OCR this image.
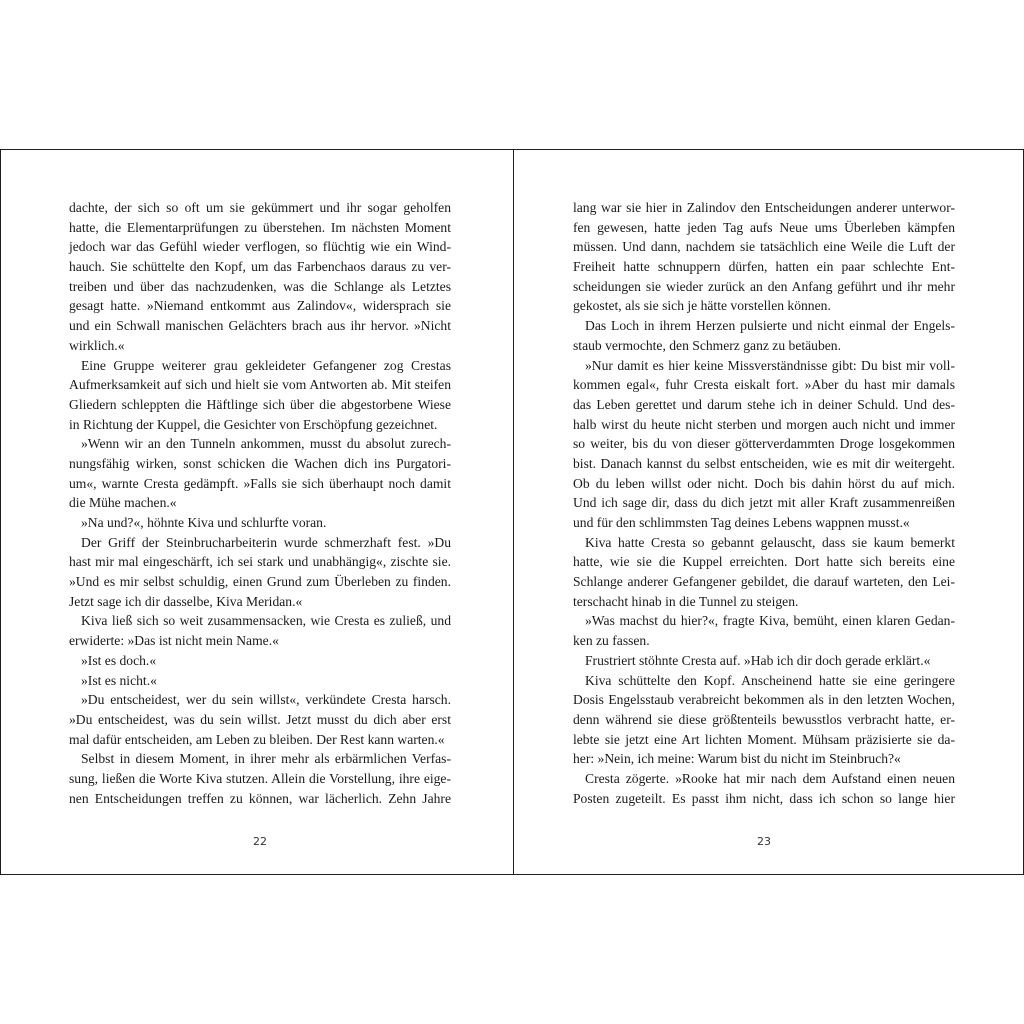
dachte, der sich so oft um sie gekümmert und ihr sogar geholfen
hatte, die Elementarprüfungen zu überstehen. Im nächsten Moment
jedoch war das Gefühl wieder verflogen, so flüchtig wie ein Wind-
hauch. Sie schüttelte den Kopf, um das Farbenchaos daraus zu ver-
treiben und über das nachzudenken, was die Schlange als Letztes
gesagt hatte. »Niemand entkommt aus Zalindov«, widersprach sie
und ein Schwall manischen Gelächters brach aus ihr hervor. »Nicht
wirklich.«
Eine Gruppe weiterer grau gekleideter Gefangener zog Crestas
Aufmerksamkeit auf sich und hielt sie vom Antworten ab. Mit steifen
Gliedern schleppten die Häftlinge sich über die abgestorbene Wiese
in Richtung der Kuppel, die Gesichter von Erschöpfung gezeichnet.
»Wenn wir an den Tunneln ankommen, musst du absolut zurech-
nungsfähig wirken, sonst schicken die Wachen dich ins Purgatori-
um«, warnte Cresta gedämpft. »Falls sie sich überhaupt noch damit
die Mühe machen.«
»Na und?«, höhnte Kiva und schlurfte voran.
Der Griff der Steinbrucharbeiterin wurde schmerzhaft fest. »Du
hast mir mal eingeschärft, ich sei stark und unabhängig«, zischte sie.
»Und es mir selbst schuldig, einen Grund zum Überleben zu finden.
Jetzt sage ich dir dasselbe, Kiva Meridan.«
Kiva ließ sich so weit zusammensacken, wie Cresta es zuließ, und
erwiderte: »Das ist nicht mein Name.«
»Ist es doch.«
»Ist es nicht.«
»Du entscheidest, wer du sein willst«, verkündete Cresta harsch.
»Du entscheidest, was du sein willst. Jetzt musst du dich aber erst
mal dafür entscheiden, am Leben zu bleiben. Der Rest kann warten.«
Selbst in diesem Moment, in ihrer mehr als erbärmlichen Verfas-
sung, ließen die Worte Kiva stutzen. Allein die Vorstellung, ihre eige-
nen Entscheidungen treffen zu können, war lächerlich. Zehn Jahre
lang war sie hier in Zalindov den Entscheidungen anderer unterwor-
fen gewesen, hatte jeden Tag aufs Neue ums Überleben kämpfen
müssen. Und dann, nachdem sie tatsächlich eine Weile die Luft der
Freiheit hatte schnuppern dürfen, hatten ein paar schlechte Ent-
scheidungen sie wieder zurück an den Anfang geführt und ihr mehr
gekostet, als sie sich je hätte vorstellen können.
Das Loch in ihrem Herzen pulsierte und nicht einmal der Engels-
staub vermochte, den Schmerz ganz zu betäuben.
»Nur damit es hier keine Missverständnisse gibt: Du bist mir voll-
kommen egal«, fuhr Cresta eiskalt fort. »Aber du hast mir damals
das Leben gerettet und darum stehe ich in deiner Schuld. Und des-
halb wirst du heute nicht sterben und morgen auch nicht und immer
so weiter, bis du von dieser götterverdammten Droge losgekommen
bist. Danach kannst du selbst entscheiden, wie es mit dir weitergeht.
Ob du leben willst oder nicht. Doch bis dahin hörst du auf mich.
Und ich sage dir, dass du dich jetzt mit aller Kraft zusammenreißen
und für den schlimmsten Tag deines Lebens wappnen musst.«
Kiva hatte Cresta so gebannt gelauscht, dass sie kaum bemerkt
hatte, wie sie die Kuppel erreichten. Dort hatte sich bereits eine
Schlange anderer Gefangener gebildet, die darauf warteten, den Lei-
terschacht hinab in die Tunnel zu steigen.
»Was machst du hier?«, fragte Kiva, bemüht, einen klaren Gedan-
ken zu fassen.
Frustriert stöhnte Cresta auf. »Hab ich dir doch gerade erklärt.«
Kiva schüttelte den Kopf. Anscheinend hatte sie eine geringere
Dosis Engelsstaub verabreicht bekommen als in den letzten Wochen,
denn während sie diese größtenteils bewusstlos verbracht hatte, er-
lebte sie jetzt eine Art lichten Moment. Mühsam präzisierte sie da-
her: »Nein, ich meine: Warum bist du nicht im Steinbruch?«
Cresta zögerte. »Rooke hat mir nach dem Aufstand einen neuen
Posten zugeteilt. Es passt ihm nicht, dass ich schon so lange hier
22	23
